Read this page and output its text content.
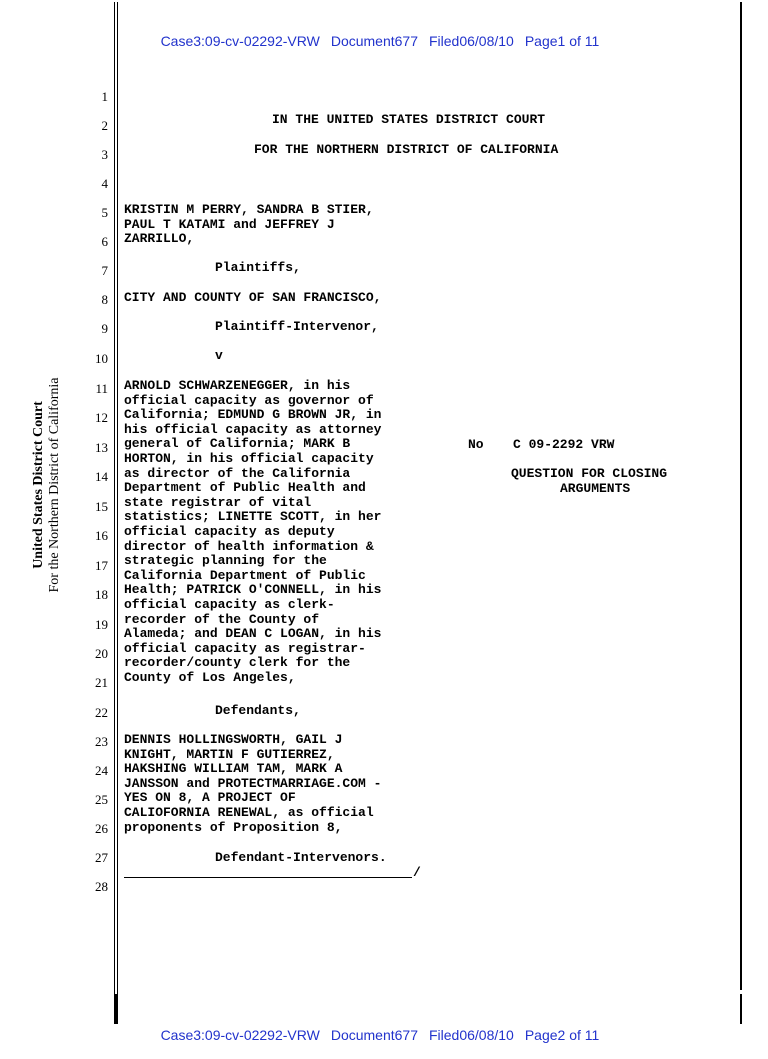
Case3:09-cv-02292-VRW Document677 Filed06/08/10 Page1 of 11

Case3:09-cv-02292-VRW Document677 Filed06/08/10 Page2 of 11

United States District Court For the Northern District of California
1
2
3
4
5
6
7
8
9
10
11
12
13
14
15
16
17
18
19
20
21
22
23
24
25
26
27
28
IN THE UNITED STATES DISTRICT COURT
FOR THE NORTHERN DISTRICT OF CALIFORNIA
KRISTIN M PERRY, SANDRA B STIER,
PAUL T KATAMI and JEFFREY J
ZARRILLO,
Plaintiffs,
CITY AND COUNTY OF SAN FRANCISCO,
Plaintiff-Intervenor,
v
ARNOLD SCHWARZENEGGER, in his
official capacity as governor of
California; EDMUND G BROWN JR, in
his official capacity as attorney
general of California; MARK B
HORTON, in his official capacity
as director of the California
Department of Public Health and
state registrar of vital
statistics; LINETTE SCOTT, in her
official capacity as deputy
director of health information &
strategic planning for the
California Department of Public
Health; PATRICK O'CONNELL, in his
official capacity as clerk-
recorder of the County of
Alameda; and DEAN C LOGAN, in his
official capacity as registrar-
recorder/county clerk for the
County of Los Angeles,
Defendants,
DENNIS HOLLINGSWORTH, GAIL J
KNIGHT, MARTIN F GUTIERREZ,
HAKSHING WILLIAM TAM, MARK A
JANSSON and PROTECTMARRIAGE.COM -
YES ON 8, A PROJECT OF
CALIOFORNIA RENEWAL, as official
proponents of Proposition 8,
Defendant-Intervenors.
/
No C 09-2292 VRW
QUESTION FOR CLOSING
ARGUMENTS
